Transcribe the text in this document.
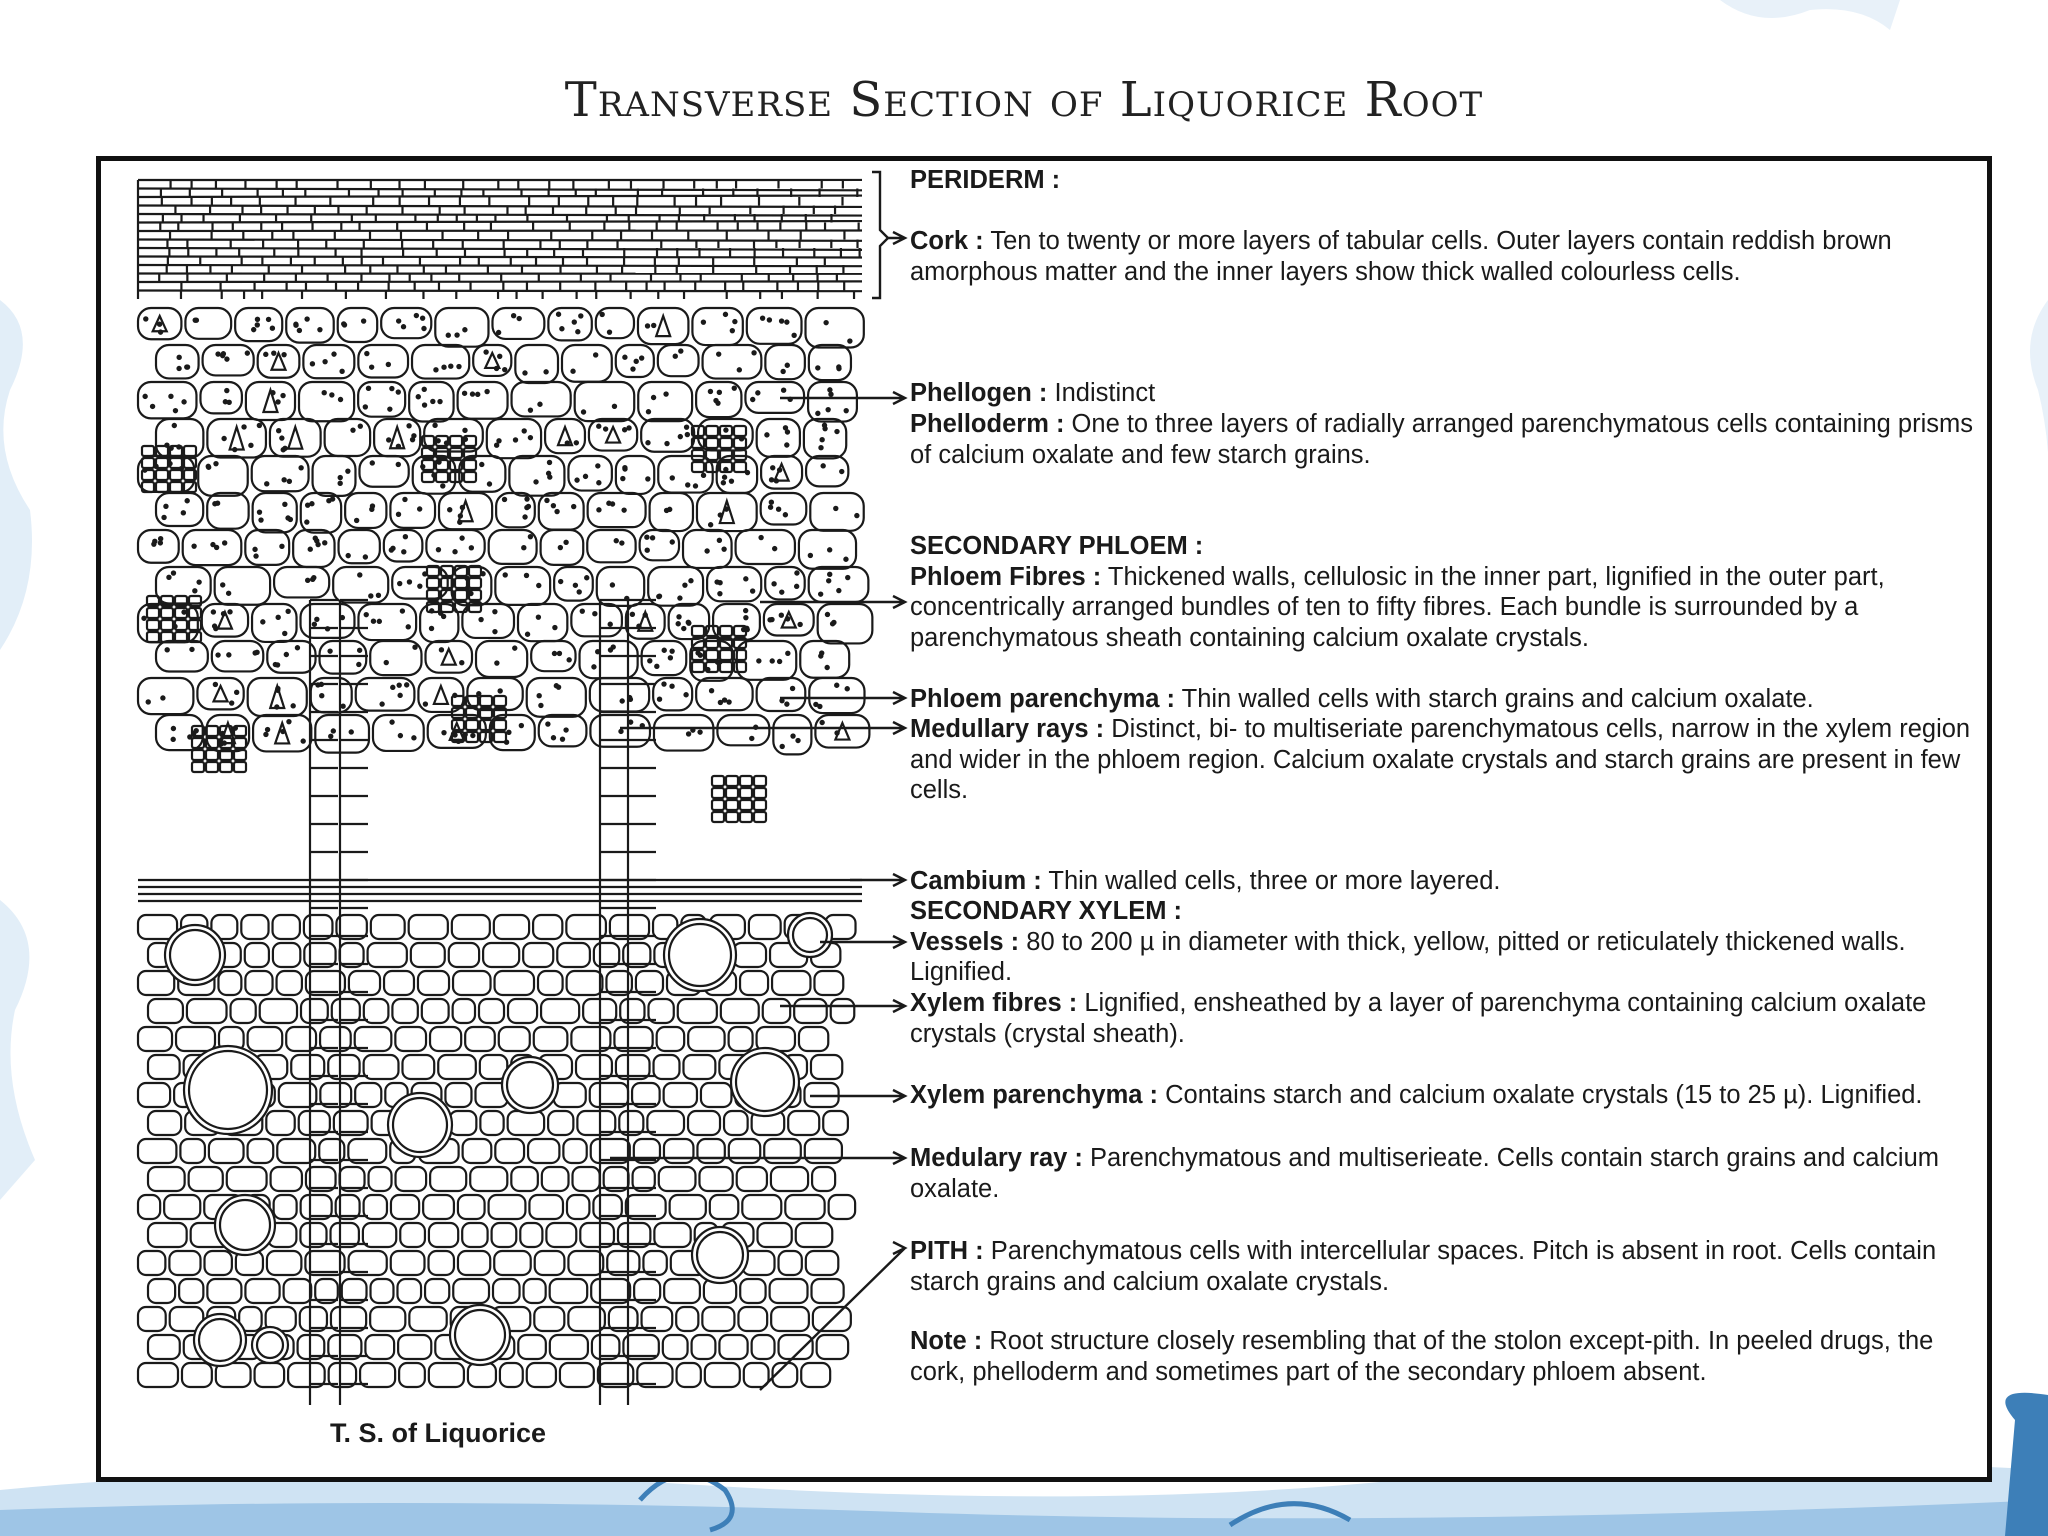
Transverse Section of Liquorice Root
T. S. of Liquorice
PERIDERM :
Cork : Ten to twenty or more layers of tabular cells. Outer layers contain reddish brown amorphous matter and the inner layers show thick walled colourless cells.
Phellogen : Indistinct
Phelloderm : One to three layers of radially arranged parenchymatous cells containing prisms of calcium oxalate and few starch grains.
SECONDARY PHLOEM :
Phloem Fibres : Thickened walls, cellulosic in the inner part, lignified in the outer part, concentrically arranged bundles of ten to fifty fibres. Each bundle is surrounded by a parenchymatous sheath containing calcium oxalate crystals.
Phloem parenchyma : Thin walled cells with starch grains and calcium oxalate.
Medullary rays : Distinct, bi- to multiseriate parenchymatous cells, narrow in the xylem region and wider in the phloem region. Calcium oxalate crystals and starch grains are present in few cells.
Cambium : Thin walled cells, three or more layered.
SECONDARY XYLEM :
Vessels : 80 to 200 µ in diameter with thick, yellow, pitted or reticulately thickened walls. Lignified.
Xylem fibres : Lignified, ensheathed by a layer of parenchyma containing calcium oxalate crystals (crystal sheath).
Xylem parenchyma : Contains starch and calcium oxalate crystals (15 to 25 µ). Lignified.
Medulary ray : Parenchymatous and multiserieate. Cells contain starch grains and calcium oxalate.
PITH : Parenchymatous cells with intercellular spaces. Pitch is absent in root. Cells contain starch grains and calcium oxalate crystals.
Note : Root structure closely resembling that of the stolon except-pith. In peeled drugs, the cork, phelloderm and sometimes part of the secondary phloem absent.
